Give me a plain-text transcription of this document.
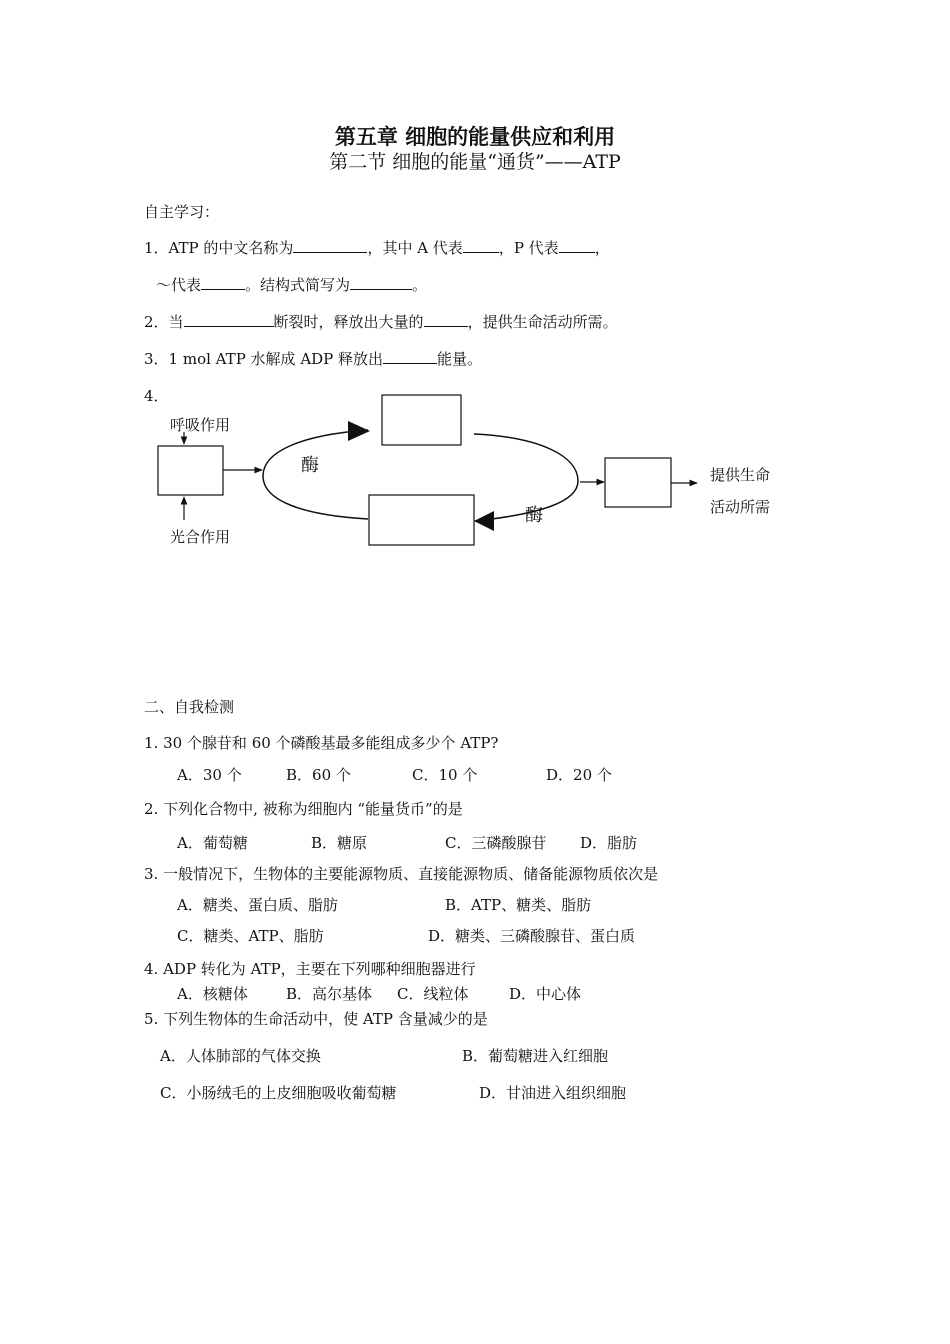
第五章 细胞的能量供应和利用
第二节 细胞的能量“通货”——ATP
自主学习：
1．ATP 的中文名称为	，其中 A 代表 ，P 代表 ，
～代表	。结构式简写为	。
2．当	断裂时，释放出大量的	，提供生命活动所需。
3．1 mol ATP 水解成 ADP 释放出	能量。
4．
呼吸作用
光合作用
酶
酶
提供生命
活动所需
二、自我检测
1. 30 个腺苷和 60 个磷酸基最多能组成多少个 ATP?
A．30 个	B．60 个	C．10 个	D．20 个
2. 下列化合物中, 被称为细胞内 “能量货币”的是
A．葡萄糖	B．糖原	C．三磷酸腺苷 D．脂肪
3. 一般情况下，生物体的主要能源物质、直接能源物质、储备能源物质依次是
A．糖类、蛋白质、脂肪	B．ATP、糖类、脂肪
C．糖类、ATP、脂肪	D．糖类、三磷酸腺苷、蛋白质
4. ADP 转化为 ATP，主要在下列哪种细胞器进行
A．核糖体	B．高尔基体 C．线粒体	D．中心体
5. 下列生物体的生命活动中，使 ATP 含量减少的是
A．人体肺部的气体交换	B．葡萄糖进入红细胞
C．小肠绒毛的上皮细胞吸收葡萄糖	D．甘油进入组织细胞
